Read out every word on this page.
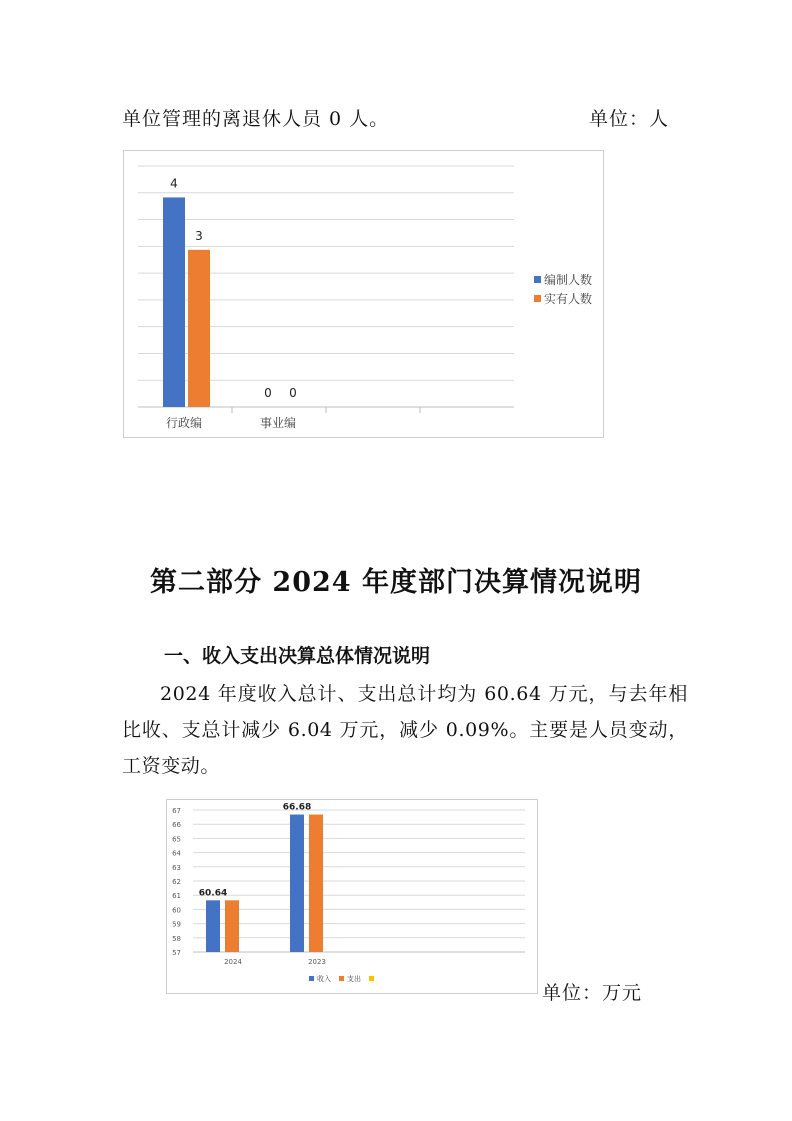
单位管理的离退休人员 0 人。	单位：人
行政编	事业编
4
0
3
0
编制人数
实有人数
第二部分 2024 年度部门决算情况说明
一、收入支出决算总体情况说明
2024 年度收入总计、支出总计均为 60.64 万元，与去年相比收、支总计减少 6.04 万元，减少 0.09%。主要是人员变动，工资变动。
57
58
59
60
61
62
63
64
65
66
67
2024	2023
60.64
66.68
收入 支出
单位：万元
